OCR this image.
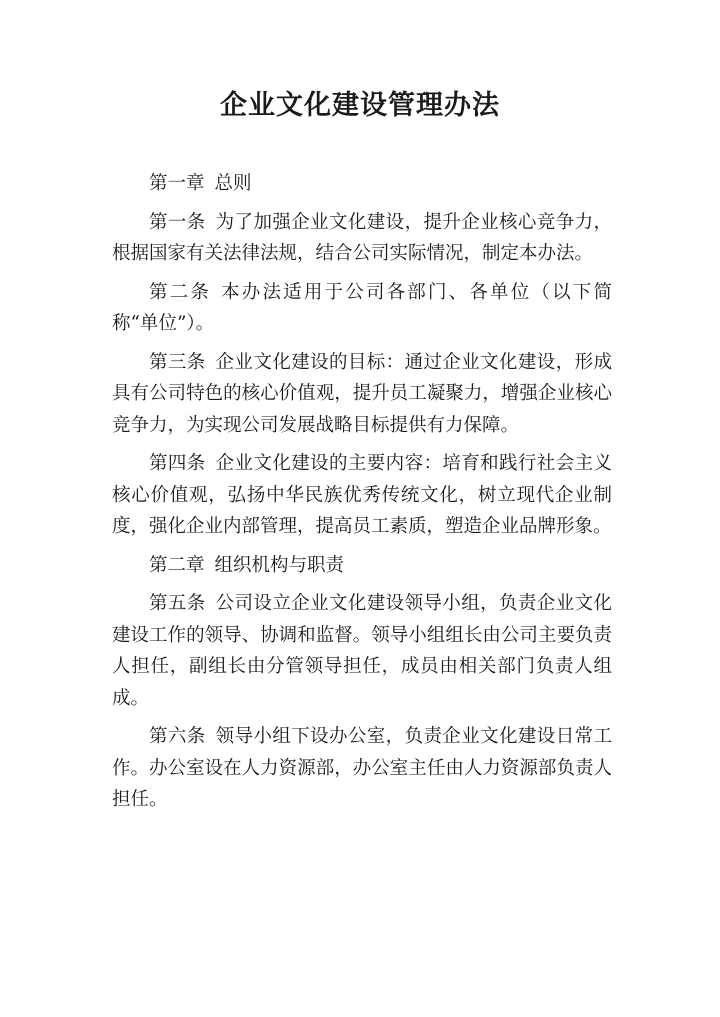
企业文化建设管理办法

第一章 总则

第一条 为了加强企业文化建设，提升企业核心竞争力，根据国家有关法律法规，结合公司实际情况，制定本办法。

第二条 本办法适用于公司各部门、各单位（以下简称“单位”）。

第三条 企业文化建设的目标：通过企业文化建设，形成具有公司特色的核心价值观，提升员工凝聚力，增强企业核心竞争力，为实现公司发展战略目标提供有力保障。

第四条 企业文化建设的主要内容：培育和践行社会主义核心价值观，弘扬中华民族优秀传统文化，树立现代企业制度，强化企业内部管理，提高员工素质，塑造企业品牌形象。

第二章 组织机构与职责

第五条 公司设立企业文化建设领导小组，负责企业文化建设工作的领导、协调和监督。领导小组组长由公司主要负责人担任，副组长由分管领导担任，成员由相关部门负责人组成。

第六条 领导小组下设办公室，负责企业文化建设日常工作。办公室设在人力资源部，办公室主任由人力资源部负责人担任。
